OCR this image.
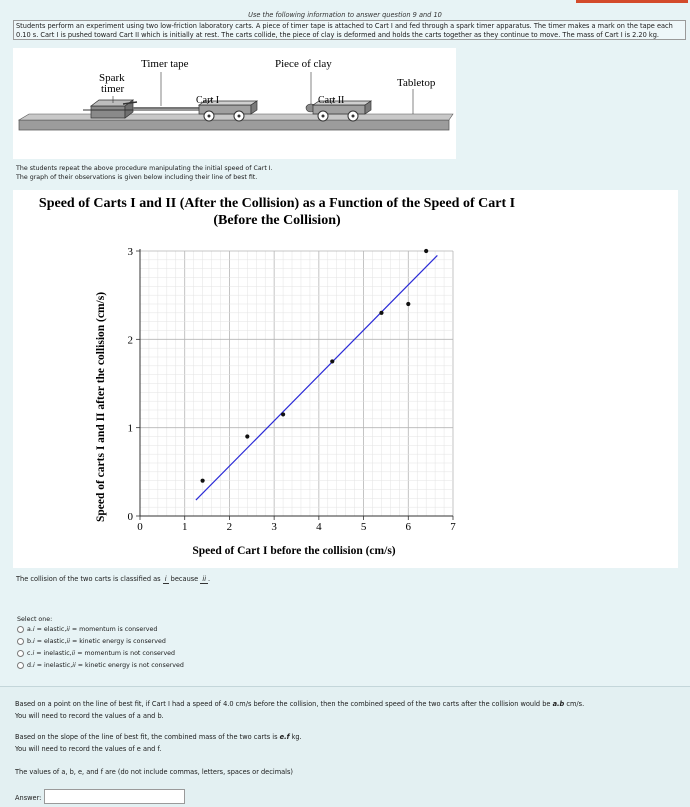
Use the following information to answer question 9 and 10
Students perform an experiment using two low-friction laboratory carts. A piece of timer tape is attached to Cart I and fed through a spark timer apparatus. The timer makes a mark on the tape each 0.10 s. Cart I is pushed toward Cart II which is initially at rest. The carts collide, the piece of clay is deformed and holds the carts together as they continue to move. The mass of Cart I is 2.20 kg.
Timer tape	Piece of clay
Spark
timer	Tabletop
Cart I	Cart II
The students repeat the above procedure manipulating the initial speed of Cart I.
The graph of their observations is given below including their line of best fit.
Speed of Carts I and II (After the Collision) as a Function of the Speed of Cart I
(Before the Collision)
0	1	2	3	4	5	6	7
0
1
2
3
Speed of Cart I before the collision (cm/s)
Speed of carts I and II after the collision (cm/s)
The collision of the two carts is classified as i because ii .
Select one:
a. i = elastic, ii = momentum is conserved
b. i = elastic, ii = kinetic energy is conserved
c. i = inelastic, ii = momentum is not conserved
d. i = inelastic, ii = kinetic energy is not conserved
Based on a point on the line of best fit, if Cart I had a speed of 4.0 cm/s before the collision, then the combined speed of the two carts after the collision would be a.b cm/s.
You will need to record the values of a and b.
Based on the slope of the line of best fit, the combined mass of the two carts is e.f kg.
You will need to record the values of e and f.
The values of a, b, e, and f are (do not include commas, letters, spaces or decimals)
Answer:
